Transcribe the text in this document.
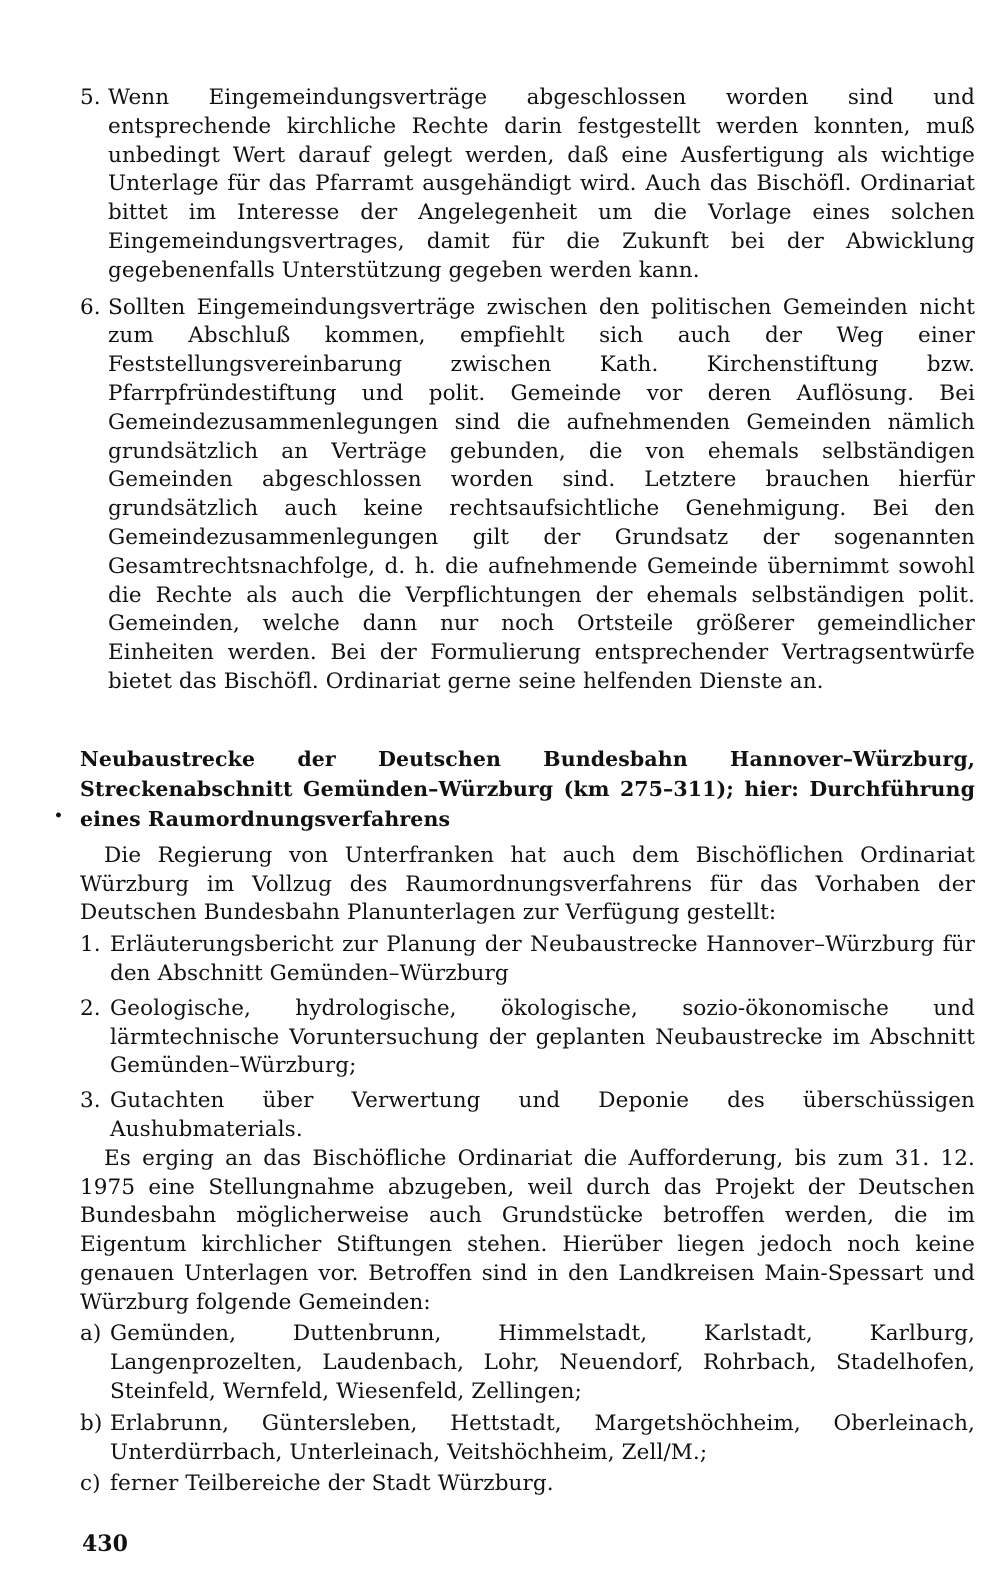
5. Wenn Eingemeindungsverträge abgeschlossen worden sind und entsprechende kirchliche Rechte darin festgestellt werden konnten, muß unbedingt Wert darauf gelegt werden, daß eine Ausfertigung als wichtige Unterlage für das Pfarramt ausgehändigt wird. Auch das Bischöfl. Ordinariat bittet im Interesse der Angelegenheit um die Vorlage eines solchen Eingemeindungsvertrages, damit für die Zukunft bei der Abwicklung gegebenenfalls Unterstützung gegeben werden kann.

6. Sollten Eingemeindungsverträge zwischen den politischen Gemeinden nicht zum Abschluß kommen, empfiehlt sich auch der Weg einer Feststellungsvereinbarung zwischen Kath. Kirchenstiftung bzw. Pfarrpfründestiftung und polit. Gemeinde vor deren Auflösung. Bei Gemeindezusammenlegungen sind die aufnehmenden Gemeinden nämlich grundsätzlich an Verträge gebunden, die von ehemals selbständigen Gemeinden abgeschlossen worden sind. Letztere brauchen hierfür grundsätzlich auch keine rechtsaufsichtliche Genehmigung. Bei den Gemeindezusammenlegungen gilt der Grundsatz der sogenannten Gesamtrechtsnachfolge, d. h. die aufnehmende Gemeinde übernimmt sowohl die Rechte als auch die Verpflichtungen der ehemals selbständigen polit. Gemeinden, welche dann nur noch Ortsteile größerer gemeindlicher Einheiten werden. Bei der Formulierung entsprechender Vertragsentwürfe bietet das Bischöfl. Ordinariat gerne seine helfenden Dienste an.

Neubaustrecke der Deutschen Bundesbahn Hannover–Würzburg, Streckenabschnitt Gemünden–Würzburg (km 275–311); hier: Durchführung eines Raumordnungsverfahrens

Die Regierung von Unterfranken hat auch dem Bischöflichen Ordinariat Würzburg im Vollzug des Raumordnungsverfahrens für das Vorhaben der Deutschen Bundesbahn Planunterlagen zur Verfügung gestellt:

1. Erläuterungsbericht zur Planung der Neubaustrecke Hannover–Würzburg für den Abschnitt Gemünden–Würzburg

2. Geologische, hydrologische, ökologische, sozio-ökonomische und lärmtechnische Voruntersuchung der geplanten Neubaustrecke im Abschnitt Gemünden–Würzburg;

3. Gutachten über Verwertung und Deponie des überschüssigen Aushubmaterials.

Es erging an das Bischöfliche Ordinariat die Aufforderung, bis zum 31. 12. 1975 eine Stellungnahme abzugeben, weil durch das Projekt der Deutschen Bundesbahn möglicherweise auch Grundstücke betroffen werden, die im Eigentum kirchlicher Stiftungen stehen. Hierüber liegen jedoch noch keine genauen Unterlagen vor. Betroffen sind in den Landkreisen Main-Spessart und Würzburg folgende Gemeinden:

a) Gemünden, Duttenbrunn, Himmelstadt, Karlstadt, Karlburg, Langenprozelten, Laudenbach, Lohr, Neuendorf, Rohrbach, Stadelhofen, Steinfeld, Wernfeld, Wiesenfeld, Zellingen;

b) Erlabrunn, Güntersleben, Hettstadt, Margetshöchheim, Oberleinach, Unterdürrbach, Unterleinach, Veitshöchheim, Zell/M.;

c) ferner Teilbereiche der Stadt Würzburg.

•
430
